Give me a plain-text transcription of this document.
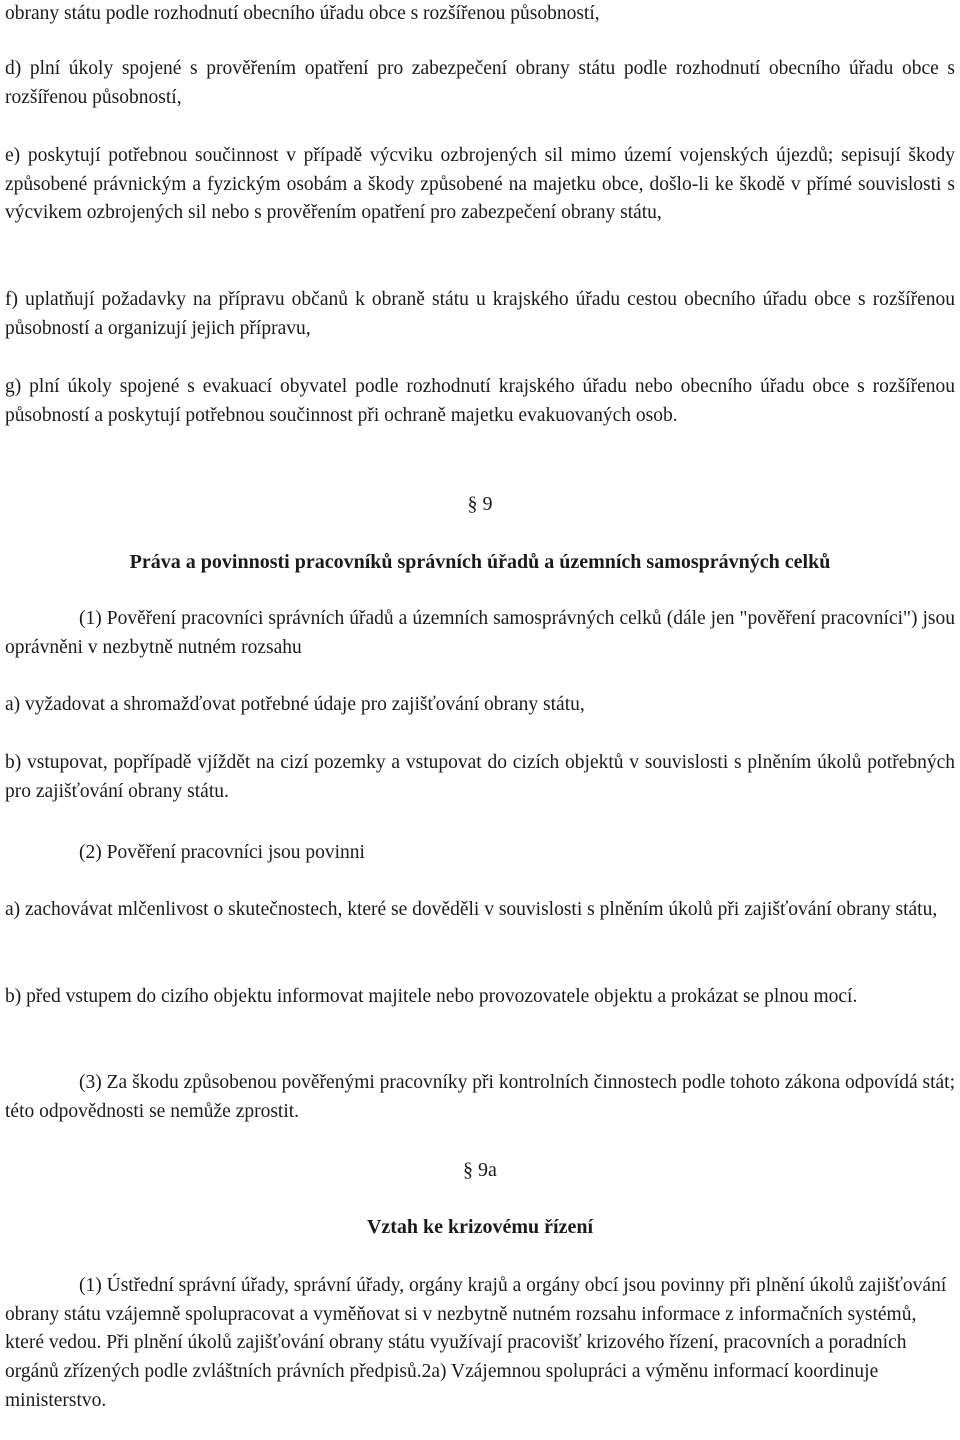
obrany státu podle rozhodnutí obecního úřadu obce s rozšířenou působností,

d) plní úkoly spojené s prověřením opatření pro zabezpečení obrany státu podle rozhodnutí obecního úřadu obce s rozšířenou působností,

e) poskytují potřebnou součinnost v případě výcviku ozbrojených sil mimo území vojenských újezdů; sepisují škody způsobené právnickým a fyzickým osobám a škody způsobené na majetku obce, došlo-li ke škodě v přímé souvislosti s výcvikem ozbrojených sil nebo s prověřením opatření pro zabezpečení obrany státu,

f) uplatňují požadavky na přípravu občanů k obraně státu u krajského úřadu cestou obecního úřadu obce s rozšířenou působností a organizují jejich přípravu,

g) plní úkoly spojené s evakuací obyvatel podle rozhodnutí krajského úřadu nebo obecního úřadu obce s rozšířenou působností a poskytují potřebnou součinnost při ochraně majetku evakuovaných osob.

§ 9

Práva a povinnosti pracovníků správních úřadů a územních samosprávných celků

(1) Pověření pracovníci správních úřadů a územních samosprávných celků (dále jen "pověření pracovníci") jsou oprávněni v nezbytně nutném rozsahu

a) vyžadovat a shromažďovat potřebné údaje pro zajišťování obrany státu,

b) vstupovat, popřípadě vjíždět na cizí pozemky a vstupovat do cizích objektů v souvislosti s plněním úkolů potřebných pro zajišťování obrany státu.

(2) Pověření pracovníci jsou povinni

a) zachovávat mlčenlivost o skutečnostech, které se dověděli v souvislosti s plněním úkolů při zajišťování obrany státu,

b) před vstupem do cizího objektu informovat majitele nebo provozovatele objektu a prokázat se plnou mocí.

(3) Za škodu způsobenou pověřenými pracovníky při kontrolních činnostech podle tohoto zákona odpovídá stát; této odpovědnosti se nemůže zprostit.

§ 9a

Vztah ke krizovému řízení

(1) Ústřední správní úřady, správní úřady, orgány krajů a orgány obcí jsou povinny při plnění úkolů zajišťování obrany státu vzájemně spolupracovat a vyměňovat si v nezbytně nutném rozsahu informace z informačních systémů, které vedou. Při plnění úkolů zajišťování obrany státu využívají pracovišť krizového řízení, pracovních a poradních orgánů zřízených podle zvláštních právních předpisů.2a) Vzájemnou spolupráci a výměnu informací koordinuje ministerstvo.
